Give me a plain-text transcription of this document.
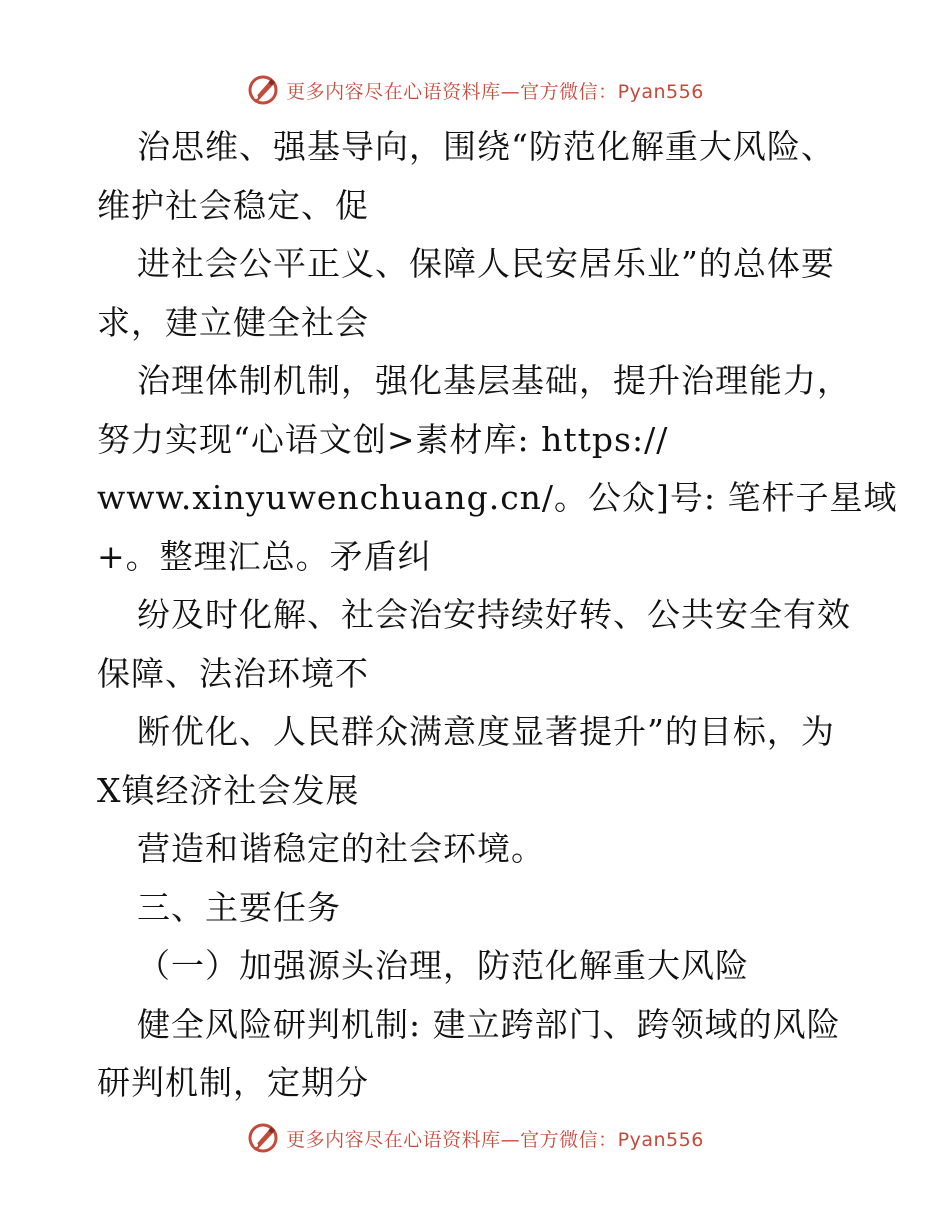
更多内容尽在心语资料库—官方微信：Pyan556
治思维、强基导向，围绕“防范化解重大风险、
维护社会稳定、促
进社会公平正义、保障人民安居乐业”的总体要
求，建立健全社会
治理体制机制，强化基层基础，提升治理能力，
努力实现“心语文创>素材库: https://
www.xinyuwenchuang.cn/。公众]号: 笔杆子星域
+。整理汇总。矛盾纠
纷及时化解、社会治安持续好转、公共安全有效
保障、法治环境不
断优化、人民群众满意度显著提升”的目标，为
X镇经济社会发展
营造和谐稳定的社会环境。
三、主要任务
（一）加强源头治理，防范化解重大风险
健全风险研判机制: 建立跨部门、跨领域的风险
研判机制，定期分
更多内容尽在心语资料库—官方微信：Pyan556
